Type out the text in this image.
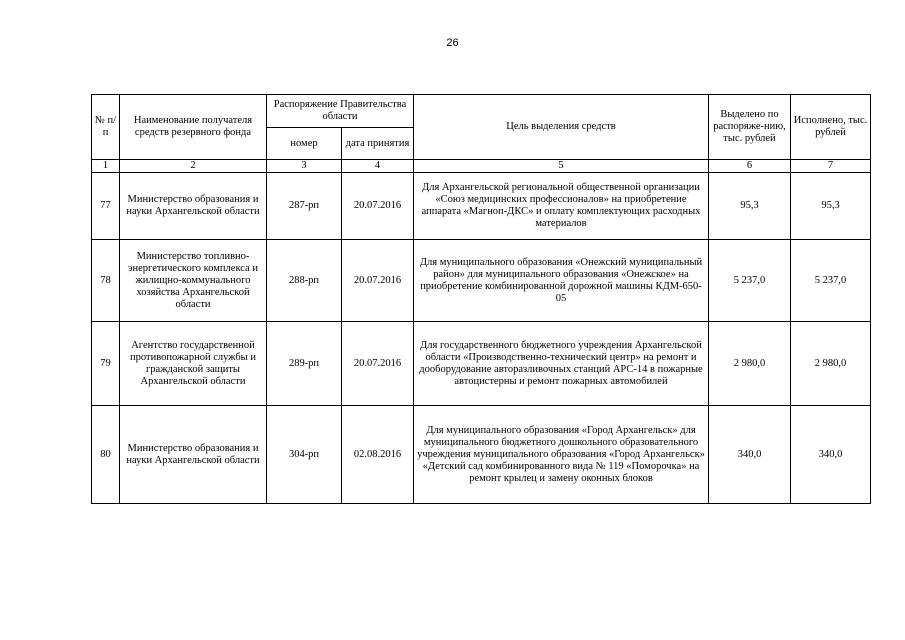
26
№ п/п	Наименование получателя средств резервного фонда	Распоряжение Правительства области		Цель выделения средств	Выделено по распоряже-нию, тыс. рублей	Исполнено, тыс. рублей
		номер	дата принятия			
1	2	3	4	5	6	7
77	Министерство образования и науки Архангельской области	287-рп	20.07.2016	Для Архангельской региональной общественной организации «Союз медицинских профессионалов» на приобретение аппарата «Магноп-ДКС» и оплату комплектующих расходных материалов	95,3	95,3
78	Министерство топливно-энергетического комплекса и жилищно-коммунального хозяйства Архангельской области	288-рп	20.07.2016	Для муниципального образования «Онежский муниципальный район» для муниципального образования «Онежское» на приобретение комбинированной дорожной машины КДМ-650-05	5 237,0	5 237,0
79	Агентство государственной противопожарной службы и гражданской защиты Архангельской области	289-рп	20.07.2016	Для государственного бюджетного учреждения Архангельской области «Производственно-технический центр» на ремонт и дооборудование авторазливочных станций АРС-14 в пожарные автоцистерны и ремонт пожарных автомобилей	2 980,0	2 980,0
80	Министерство образования и науки Архангельской области	304-рп	02.08.2016	Для муниципального образования «Город Архангельск» для муниципального бюджетного дошкольного образовательного учреждения муниципального образования «Город Архангельск» «Детский сад комбинированного вида № 119 «Поморочка» на ремонт крылец и замену оконных блоков	340,0	340,0
